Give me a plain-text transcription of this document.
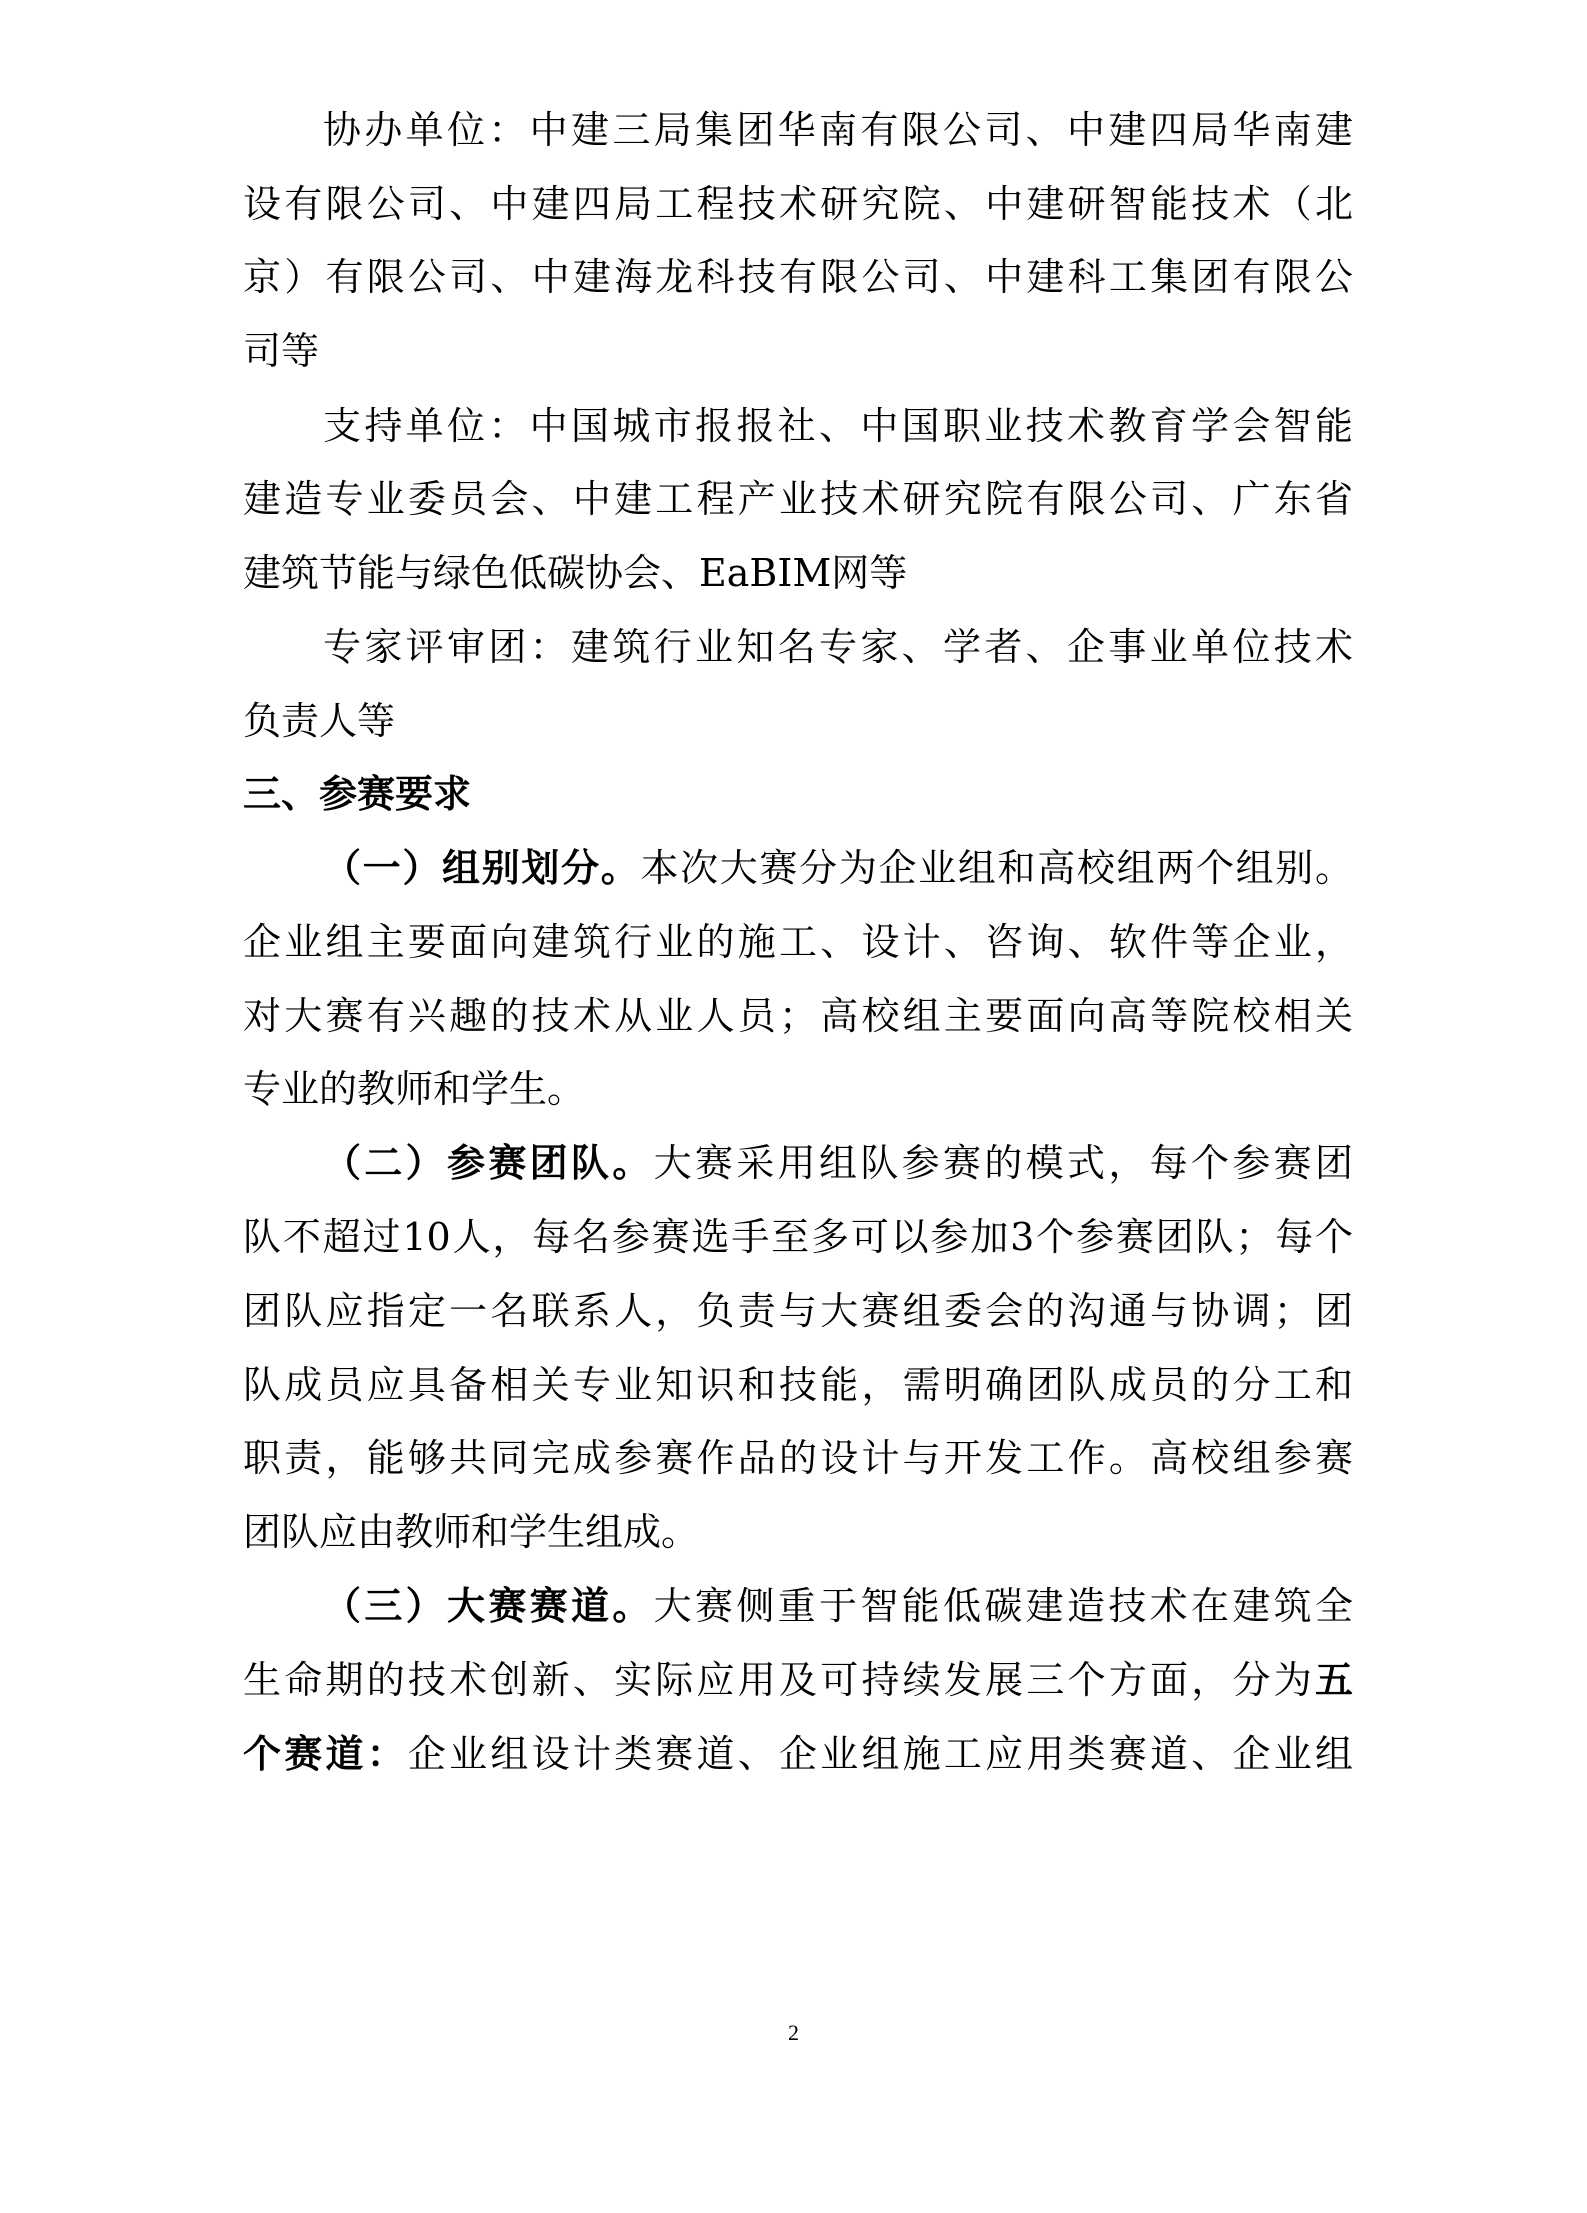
协办单位：中建三局集团华南有限公司、中建四局华南建
设有限公司、中建四局工程技术研究院、中建研智能技术（北
京）有限公司、中建海龙科技有限公司、中建科工集团有限公
司等
支持单位：中国城市报报社、中国职业技术教育学会智能
建造专业委员会、中建工程产业技术研究院有限公司、广东省
建筑节能与绿色低碳协会、EaBIM网等
专家评审团：建筑行业知名专家、学者、企事业单位技术
负责人等
三、参赛要求
（一）组别划分。本次大赛分为企业组和高校组两个组别。
企业组主要面向建筑行业的施工、设计、咨询、软件等企业，
对大赛有兴趣的技术从业人员；高校组主要面向高等院校相关
专业的教师和学生。
（二）参赛团队。大赛采用组队参赛的模式，每个参赛团
队不超过10人，每名参赛选手至多可以参加3个参赛团队；每个
团队应指定一名联系人，负责与大赛组委会的沟通与协调；团
队成员应具备相关专业知识和技能，需明确团队成员的分工和
职责，能够共同完成参赛作品的设计与开发工作。高校组参赛
团队应由教师和学生组成。
（三）大赛赛道。大赛侧重于智能低碳建造技术在建筑全
生命期的技术创新、实际应用及可持续发展三个方面，分为五
个赛道：企业组设计类赛道、企业组施工应用类赛道、企业组
2
